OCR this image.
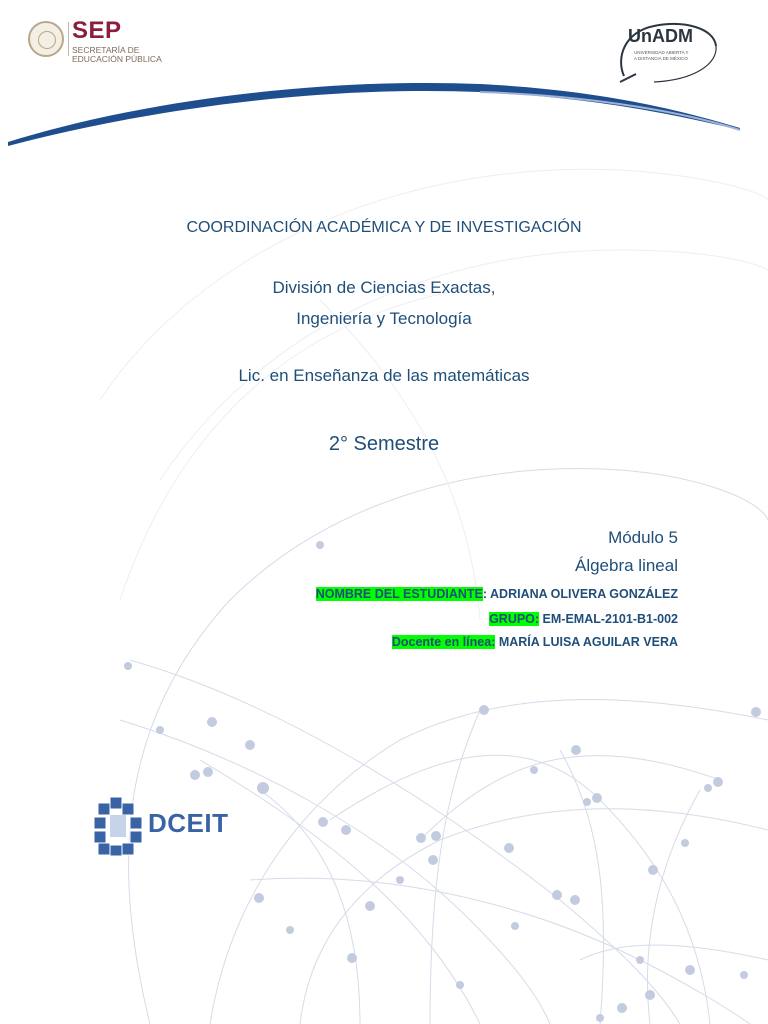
SEP
SECRETARÍA DE
EDUCACIÓN PÚBLICA
UnADM
UNIVERSIDAD ABIERTA Y
A DISTANCIA DE MÉXICO
COORDINACIÓN ACADÉMICA Y DE INVESTIGACIÓN
División de Ciencias Exactas,
Ingeniería y Tecnología
Lic. en Enseñanza de las matemáticas
2° Semestre
Módulo 5
Álgebra lineal
NOMBRE DEL ESTUDIANTE: ADRIANA OLIVERA GONZÁLEZ
GRUPO: EM-EMAL-2101-B1-002
Docente en línea: MARÍA LUISA AGUILAR VERA
DCEIT
